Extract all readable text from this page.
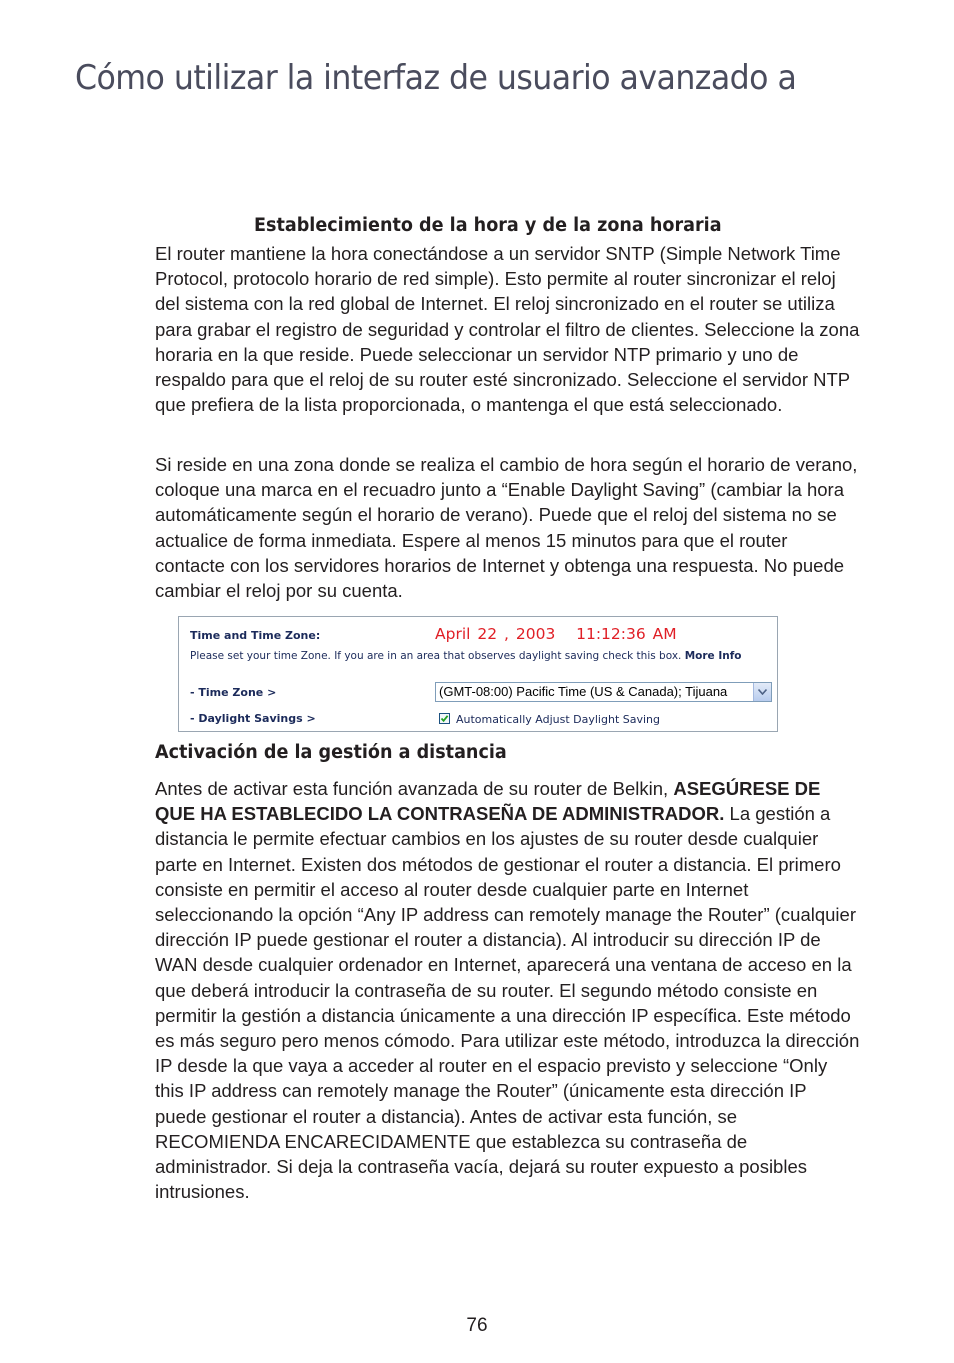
Cómo utilizar la interfaz de usuario avanzado a
Establecimiento de la hora y de la zona horaria

El router mantiene la hora conectándose a un servidor SNTP (Simple Network Time Protocol, protocolo horario de red simple). Esto permite al router sincronizar el reloj del sistema con la red global de Internet. El reloj sincronizado en el router se utiliza para grabar el registro de seguridad y controlar el filtro de clientes. Seleccione la zona horaria en la que reside. Puede seleccionar un servidor NTP primario y uno de respaldo para que el reloj de su router esté sincronizado. Seleccione el servidor NTP que prefiera de la lista proporcionada, o mantenga el que está seleccionado.

Si reside en una zona donde se realiza el cambio de hora según el horario de verano, coloque una marca en el recuadro junto a “Enable Daylight Saving” (cambiar la hora automáticamente según el horario de verano). Puede que el reloj del sistema no se actualice de forma inmediata. Espere al menos 15 minutos para que el router contacte con los servidores horarios de Internet y obtenga una respuesta. No puede cambiar el reloj por su cuenta.

Time and Time Zone:	April 22 , 2003 11:12:36 AM
Please set your time Zone. If you are in an area that observes daylight saving check this box. More Info
- Time Zone >	(GMT-08:00) Pacific Time (US & Canada); Tijuana
- Daylight Savings >	Automatically Adjust Daylight Saving
Activación de la gestión a distancia

Antes de activar esta función avanzada de su router de Belkin, ASEGÚRESE DE QUE HA ESTABLECIDO LA CONTRASEÑA DE ADMINISTRADOR. La gestión a distancia le permite efectuar cambios en los ajustes de su router desde cualquier parte en Internet. Existen dos métodos de gestionar el router a distancia. El primero consiste en permitir el acceso al router desde cualquier parte en Internet seleccionando la opción “Any IP address can remotely manage the Router” (cualquier dirección IP puede gestionar el router a distancia). Al introducir su dirección IP de WAN desde cualquier ordenador en Internet, aparecerá una ventana de acceso en la que deberá introducir la contraseña de su router. El segundo método consiste en permitir la gestión a distancia únicamente a una dirección IP específica. Este método es más seguro pero menos cómodo. Para utilizar este método, introduzca la dirección IP desde la que vaya a acceder al router en el espacio previsto y seleccione “Only this IP address can remotely manage the Router” (únicamente esta dirección IP puede gestionar el router a distancia). Antes de activar esta función, se RECOMIENDA ENCARECIDAMENTE que establezca su contraseña de administrador. Si deja la contraseña vacía, dejará su router expuesto a posibles intrusiones.

76
